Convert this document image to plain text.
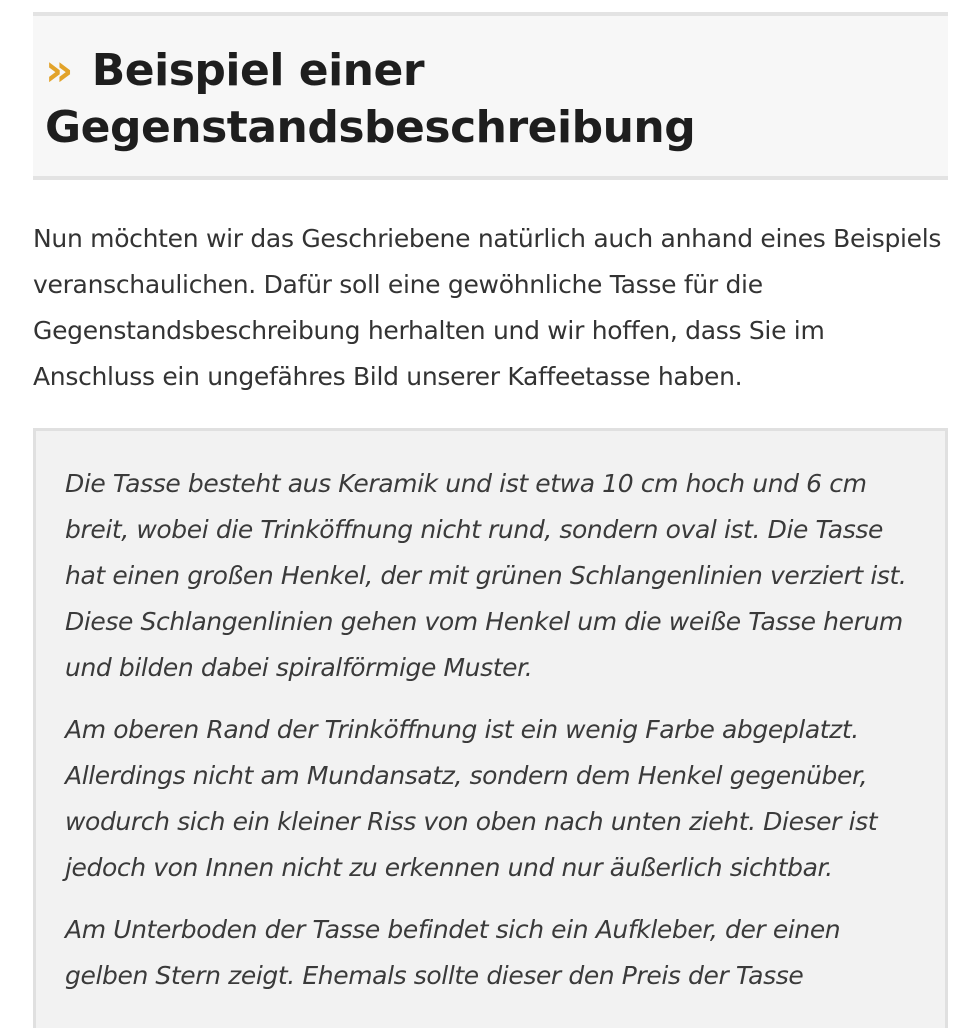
» Beispiel einer Gegenstandsbeschreibung

Nun möchten wir das Geschriebene natürlich auch anhand eines Beispiels veranschaulichen. Dafür soll eine gewöhnliche Tasse für die Gegenstandsbeschreibung herhalten und wir hoffen, dass Sie im Anschluss ein ungefähres Bild unserer Kaffeetasse haben.

Die Tasse besteht aus Keramik und ist etwa 10 cm hoch und 6 cm breit, wobei die Trinköffnung nicht rund, sondern oval ist. Die Tasse hat einen großen Henkel, der mit grünen Schlangenlinien verziert ist. Diese Schlangenlinien gehen vom Henkel um die weiße Tasse herum und bilden dabei spiralförmige Muster.

Am oberen Rand der Trinköffnung ist ein wenig Farbe abgeplatzt. Allerdings nicht am Mundansatz, sondern dem Henkel gegenüber, wodurch sich ein kleiner Riss von oben nach unten zieht. Dieser ist jedoch von Innen nicht zu erkennen und nur äußerlich sichtbar.

Am Unterboden der Tasse befindet sich ein Aufkleber, der einen gelben Stern zeigt. Ehemals sollte dieser den Preis der Tasse
